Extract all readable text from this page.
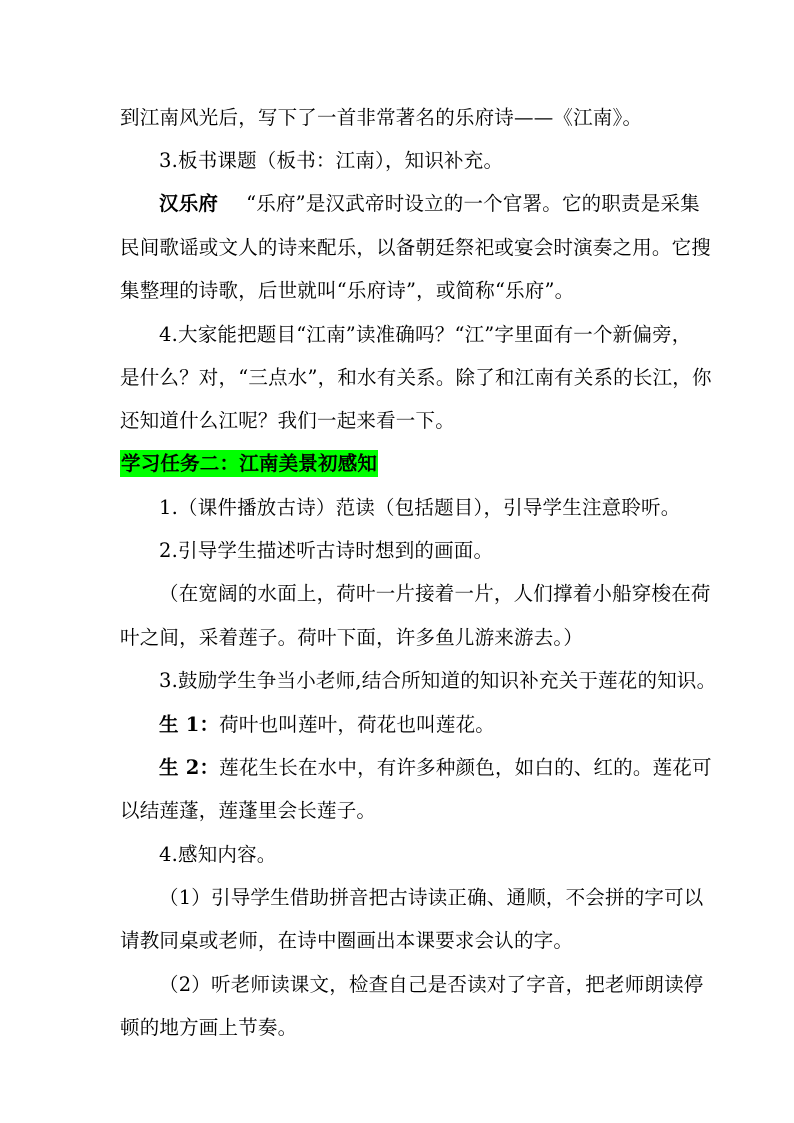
到江南风光后，写下了一首非常著名的乐府诗——《江南》。
3.板书课题（板书：江南），知识补充。
汉乐府 “乐府”是汉武帝时设立的一个官署。它的职责是采集
民间歌谣或文人的诗来配乐，以备朝廷祭祀或宴会时演奏之用。它搜
集整理的诗歌，后世就叫“乐府诗”，或简称“乐府”。
4.大家能把题目“江南”读准确吗？“江”字里面有一个新偏旁，
是什么？对，“三点水”，和水有关系。除了和江南有关系的长江，你
还知道什么江呢？我们一起来看一下。
学习任务二：江南美景初感知
1.（课件播放古诗）范读（包括题目），引导学生注意聆听。
2.引导学生描述听古诗时想到的画面。
（在宽阔的水面上，荷叶一片接着一片，人们撑着小船穿梭在荷
叶之间，采着莲子。荷叶下面，许多鱼儿游来游去。）
3.鼓励学生争当小老师,结合所知道的知识补充关于莲花的知识。
生 1：荷叶也叫莲叶，荷花也叫莲花。
生 2：莲花生长在水中，有许多种颜色，如白的、红的。莲花可
以结莲蓬，莲蓬里会长莲子。
4.感知内容。
（1）引导学生借助拼音把古诗读正确、通顺，不会拼的字可以
请教同桌或老师，在诗中圈画出本课要求会认的字。
（2）听老师读课文，检查自己是否读对了字音，把老师朗读停
顿的地方画上节奏。
